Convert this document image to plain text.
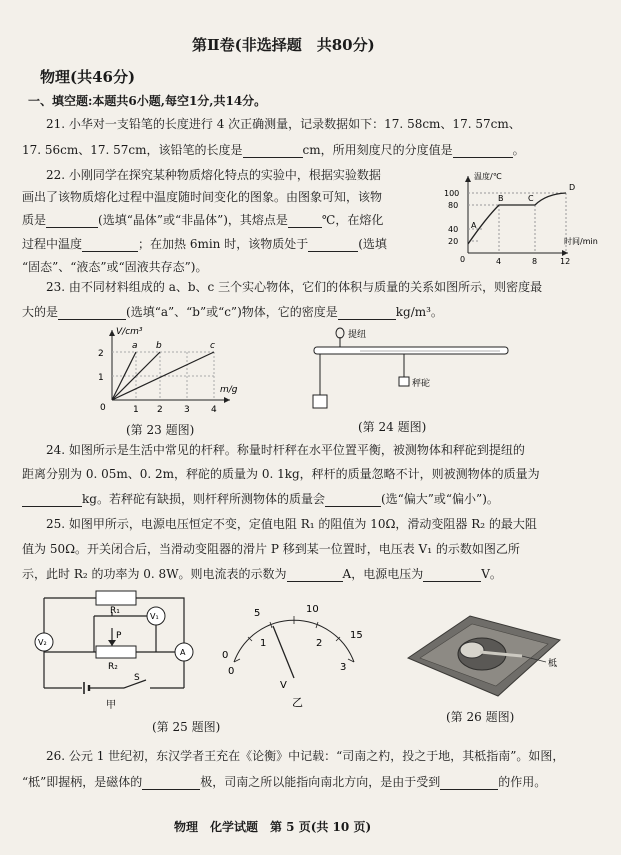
第Ⅱ卷(非选择题　共80分)
物理(共46分)
一、填空题:本题共6小题,每空1分,共14分。
21. 小华对一支铅笔的长度进行 4 次正确测量，记录数据如下：17. 58cm、17. 57cm、
17. 56cm、17. 57cm，该铅笔的长度是	cm，所用刻度尺的分度值是	。
22. 小刚同学在探究某种物质熔化特点的实验中，根据实验数据
画出了该物质熔化过程中温度随时间变化的图象。由图象可知，该物
质是	(选填“晶体”或“非晶体”)，其熔点是	℃，在熔化
过程中温度	；在加热 6min 时，该物质处于	(选填
“固态”、“液态”或“固液共存态”)。
温度/℃
时间/min
100
80
40
20
0	4	8	12
A
B	C
D
23. 由不同材料组成的 a、b、c 三个实心物体，它们的体积与质量的关系如图所示，则密度最
大的是	(选填“a”、“b”或“c”)物体，它的密度是	kg/m³。
V/cm³
m/g
2
1
0	1 2 3 4
a b	c
(第 23 题图)
提纽
秤砣
(第 24 题图)
24. 如图所示是生活中常见的杆秤。称量时杆秤在水平位置平衡，被测物体和秤砣到提纽的
距离分别为 0. 05m、0. 2m，秤砣的质量为 0. 1kg，秤杆的质量忽略不计，则被测物体的质量为
kg。若秤砣有缺损，则杆秤所测物体的质量会	(选“偏大”或“偏小”)。
25. 如图甲所示，电源电压恒定不变，定值电阻 R₁ 的阻值为 10Ω，滑动变阻器 R₂ 的最大阻
值为 50Ω。开关闭合后，当滑动变阻器的滑片 P 移到某一位置时，电压表 V₁ 的示数如图乙所
示，此时 R₂ 的功率为 0. 8W。则电流表的示数为	A，电源电压为	V。
R₁
V₁
V₂
P
R₂
A
S
甲
0
5	10
15
0
1	2
3
V
乙
(第 25 题图)
柢
(第 26 题图)
26. 公元 1 世纪初，东汉学者王充在《论衡》中记载：“司南之杓，投之于地，其柢指南”。如图，
“柢”即握柄，是磁体的	极，司南之所以能指向南北方向，是由于受到	的作用。
物理　化学试题　第 5 页(共 10 页)
